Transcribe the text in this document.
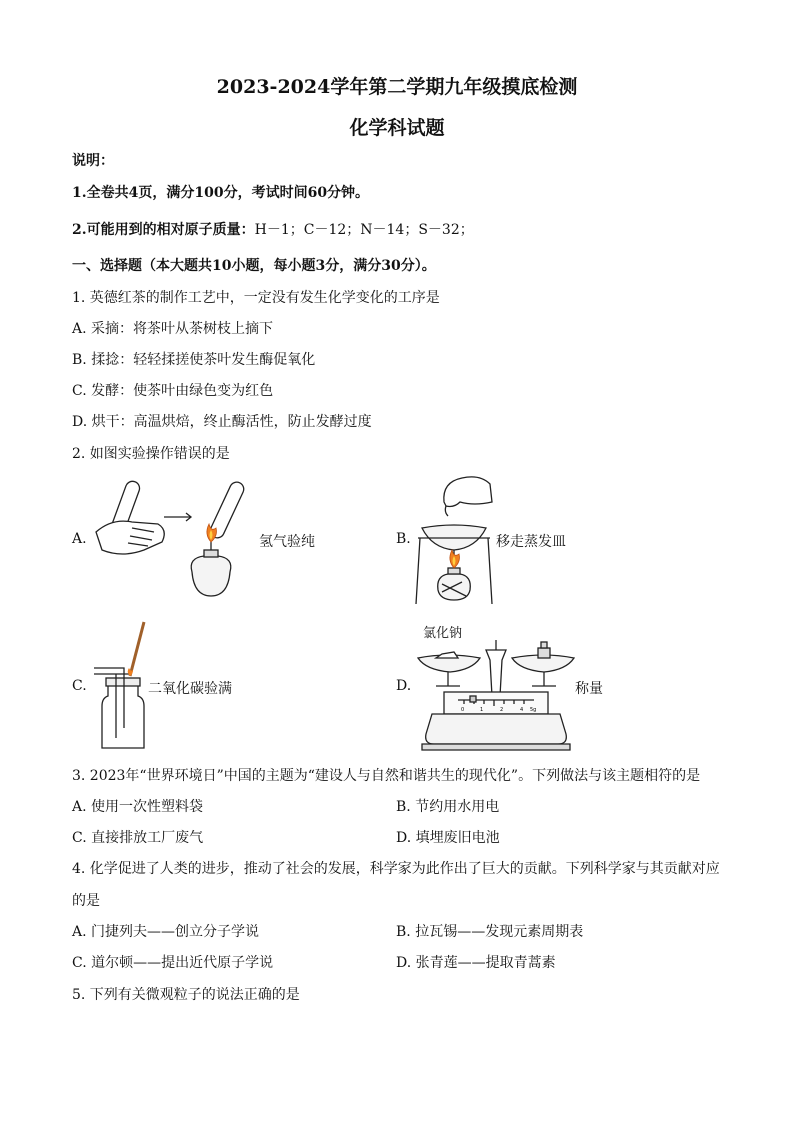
2023-2024学年第二学期九年级摸底检测
化学科试题
说明：
1.全卷共4页，满分100分，考试时间60分钟。
2.可能用到的相对原子质量：H－1；C－12；N－14；S－32；
一、选择题（本大题共10小题，每小题3分，满分30分）。
1. 英德红茶的制作工艺中，一定没有发生化学变化的工序是
A. 采摘：将茶叶从茶树枝上摘下
B. 揉捻：轻轻揉搓使茶叶发生酶促氧化
C. 发酵：使茶叶由绿色变为红色
D. 烘干：高温烘焙，终止酶活性，防止发酵过度
2. 如图实验操作错误的是
A.	氢气验纯	B.	移走蒸发皿
C.	二氧化碳验满	D.
氯化钠
0	1	2	4 5g
称量
3. 2023年“世界环境日”中国的主题为“建设人与自然和谐共生的现代化”。下列做法与该主题相符的是
A. 使用一次性塑料袋	B. 节约用水用电
C. 直接排放工厂废气	D. 填埋废旧电池
4. 化学促进了人类的进步，推动了社会的发展，科学家为此作出了巨大的贡献。下列科学家与其贡献对应
的是
A. 门捷列夫——创立分子学说	B. 拉瓦锡——发现元素周期表
C. 道尔顿——提出近代原子学说	D. 张青莲——提取青蒿素
5. 下列有关微观粒子的说法正确的是
